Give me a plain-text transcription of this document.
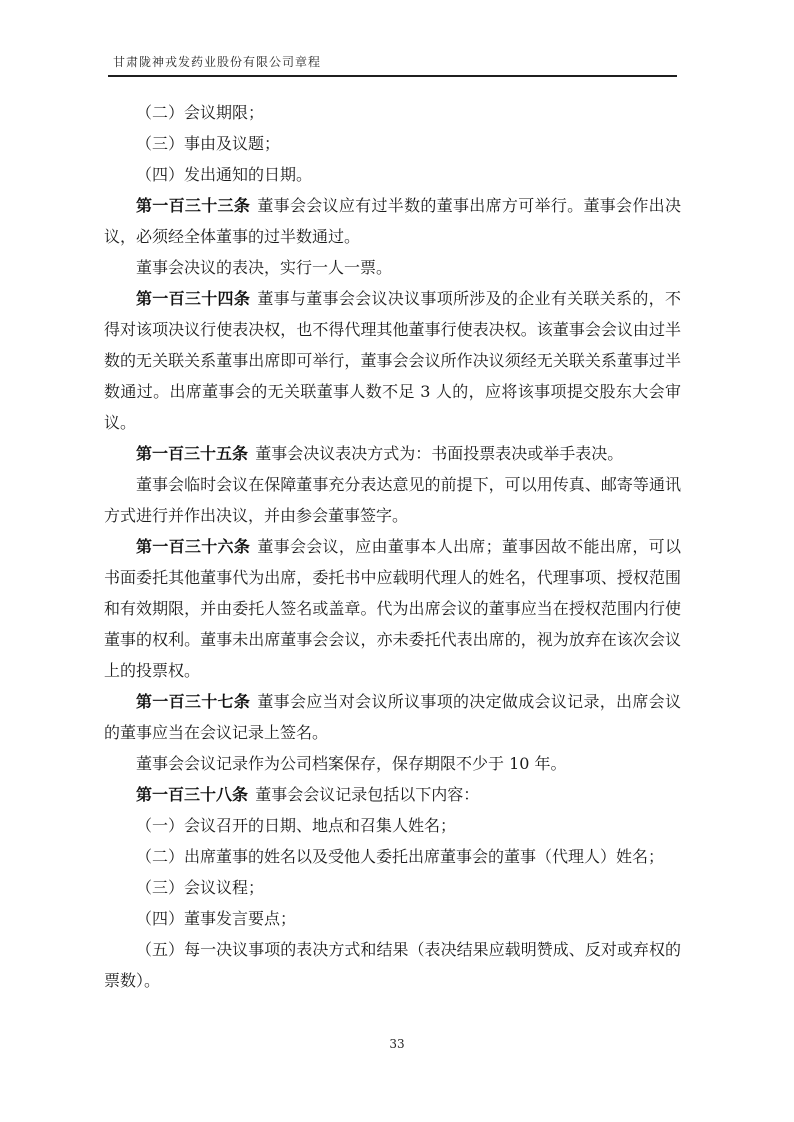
甘肃陇神戎发药业股份有限公司章程

（二）会议期限；

（三）事由及议题；

（四）发出通知的日期。

第一百三十三条 董事会会议应有过半数的董事出席方可举行。董事会作出决议，必须经全体董事的过半数通过。

董事会决议的表决，实行一人一票。

第一百三十四条 董事与董事会会议决议事项所涉及的企业有关联关系的，不得对该项决议行使表决权，也不得代理其他董事行使表决权。该董事会会议由过半数的无关联关系董事出席即可举行，董事会会议所作决议须经无关联关系董事过半数通过。出席董事会的无关联董事人数不足 3 人的，应将该事项提交股东大会审议。

第一百三十五条 董事会决议表决方式为：书面投票表决或举手表决。

董事会临时会议在保障董事充分表达意见的前提下，可以用传真、邮寄等通讯方式进行并作出决议，并由参会董事签字。

第一百三十六条 董事会会议，应由董事本人出席；董事因故不能出席，可以书面委托其他董事代为出席，委托书中应载明代理人的姓名，代理事项、授权范围和有效期限，并由委托人签名或盖章。代为出席会议的董事应当在授权范围内行使董事的权利。董事未出席董事会会议，亦未委托代表出席的，视为放弃在该次会议上的投票权。

第一百三十七条 董事会应当对会议所议事项的决定做成会议记录，出席会议的董事应当在会议记录上签名。

董事会会议记录作为公司档案保存，保存期限不少于 10 年。

第一百三十八条 董事会会议记录包括以下内容：

（一）会议召开的日期、地点和召集人姓名；

（二）出席董事的姓名以及受他人委托出席董事会的董事（代理人）姓名；

（三）会议议程；

（四）董事发言要点；

（五）每一决议事项的表决方式和结果（表决结果应载明赞成、反对或弃权的票数）。

33
